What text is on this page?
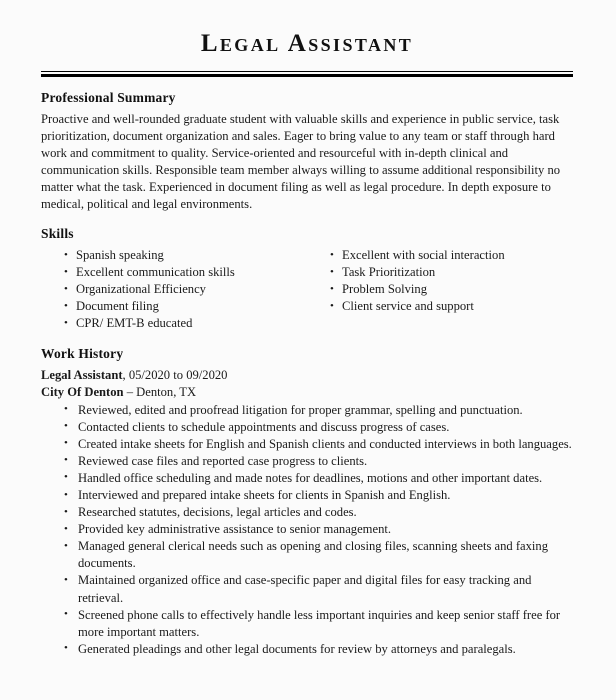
Legal Assistant
Professional Summary
Proactive and well-rounded graduate student with valuable skills and experience in public service, task prioritization, document organization and sales. Eager to bring value to any team or staff through hard work and commitment to quality. Service-oriented and resourceful with in-depth clinical and communication skills. Responsible team member always willing to assume additional responsibility no matter what the task. Experienced in document filing as well as legal procedure. In depth exposure to medical, political and legal environments.
Skills
• Spanish speaking
• Excellent communication skills
• Organizational Efficiency
• Document filing
• CPR/ EMT-B educated
• Excellent with social interaction
• Task Prioritization
• Problem Solving
• Client service and support
Work History
Legal Assistant, 05/2020 to 09/2020
City Of Denton – Denton, TX
• Reviewed, edited and proofread litigation for proper grammar, spelling and punctuation.
• Contacted clients to schedule appointments and discuss progress of cases.
• Created intake sheets for English and Spanish clients and conducted interviews in both languages.
• Reviewed case files and reported case progress to clients.
• Handled office scheduling and made notes for deadlines, motions and other important dates.
• Interviewed and prepared intake sheets for clients in Spanish and English.
• Researched statutes, decisions, legal articles and codes.
• Provided key administrative assistance to senior management.
• Managed general clerical needs such as opening and closing files, scanning sheets and faxing documents.
• Maintained organized office and case-specific paper and digital files for easy tracking and retrieval.
• Screened phone calls to effectively handle less important inquiries and keep senior staff free for more important matters.
• Generated pleadings and other legal documents for review by attorneys and paralegals.
